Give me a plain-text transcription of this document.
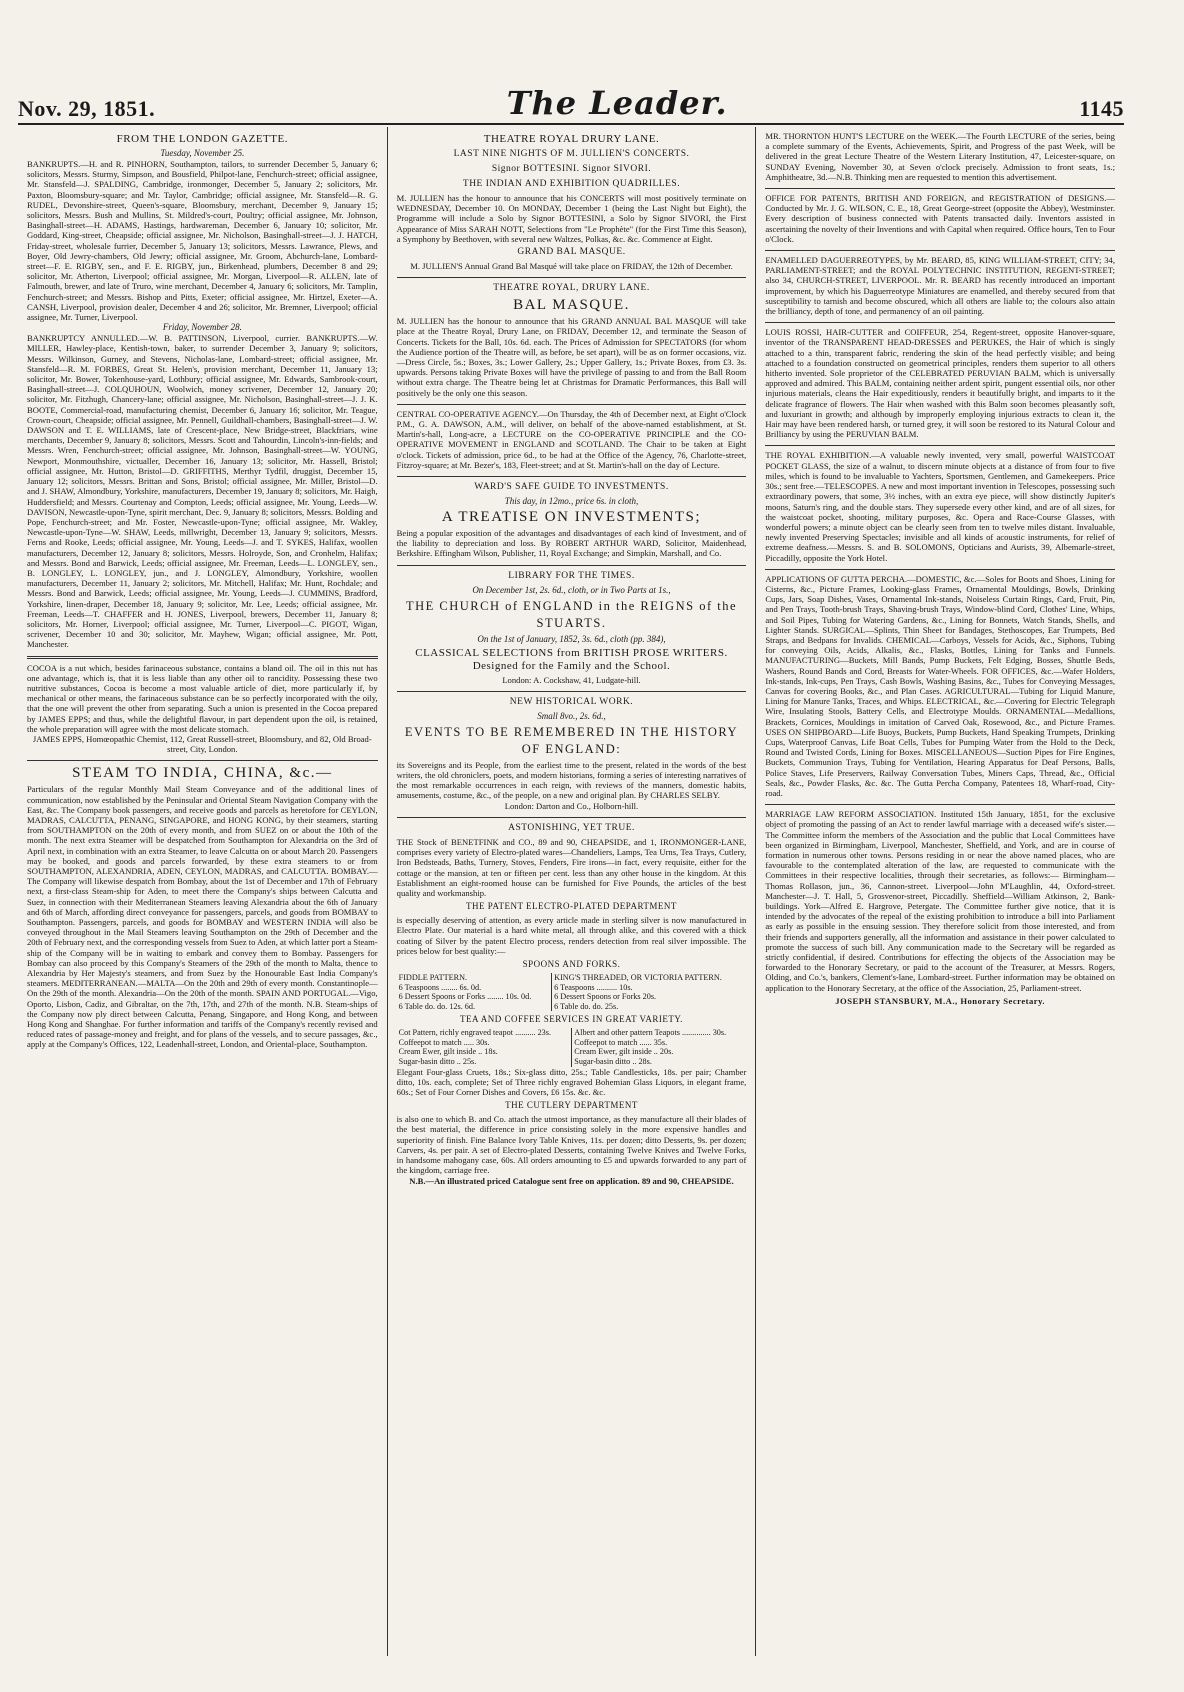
Nov. 29, 1851.	The Leader.	1145
FROM THE LONDON GAZETTE.
Tuesday, November 25.

BANKRUPTS.—H. and R. PINHORN, Southampton, tailors, to surrender December 5, January 6; solicitors, Messrs. Sturmy, Simpson, and Bousfield, Philpot-lane, Fenchurch-street; official assignee, Mr. Stansfeld—J. SPALDING, Cambridge, ironmonger, December 5, January 2; solicitors, Mr. Paxton, Bloomsbury-square; and Mr. Taylor, Cambridge; official assignee, Mr. Stansfeld—R. G. RUDEL, Devonshire-street, Queen's-square, Bloomsbury, merchant, December 9, January 15; solicitors, Messrs. Bush and Mullins, St. Mildred's-court, Poultry; official assignee, Mr. Johnson, Basinghall-street—H. ADAMS, Hastings, hardwareman, December 6, January 10; solicitor, Mr. Goddard, King-street, Cheapside; official assignee, Mr. Nicholson, Basinghall-street—J. J. HATCH, Friday-street, wholesale furrier, December 5, January 13; solicitors, Messrs. Lawrance, Plews, and Boyer, Old Jewry-chambers, Old Jewry; official assignee, Mr. Groom, Abchurch-lane, Lombard-street—F. E. RIGBY, sen., and F. E. RIGBY, jun., Birkenhead, plumbers, December 8 and 29; solicitor, Mr. Atherton, Liverpool; official assignee, Mr. Morgan, Liverpool—R. ALLEN, late of Falmouth, brewer, and late of Truro, wine merchant, December 4, January 6; solicitors, Mr. Tamplin, Fenchurch-street; and Messrs. Bishop and Pitts, Exeter; official assignee, Mr. Hirtzel, Exeter—A. CANSH, Liverpool, provision dealer, December 4 and 26; solicitor, Mr. Bremner, Liverpool; official assignee, Mr. Turner, Liverpool.

Friday, November 28.

BANKRUPTCY ANNULLED.—W. B. PATTINSON, Liverpool, currier. BANKRUPTS.—W. MILLER, Hawley-place, Kentish-town, baker, to surrender December 3, January 9; solicitors, Messrs. Wilkinson, Gurney, and Stevens, Nicholas-lane, Lombard-street; official assignee, Mr. Stansfeld—R. M. FORBES, Great St. Helen's, provision merchant, December 11, January 13; solicitor, Mr. Bower, Tokenhouse-yard, Lothbury; official assignee, Mr. Edwards, Sambrook-court, Basinghall-street—J. COLQUHOUN, Woolwich, money scrivener, December 12, January 20; solicitor, Mr. Fitzhugh, Chancery-lane; official assignee, Mr. Nicholson, Basinghall-street—J. J. K. BOOTE, Commercial-road, manufacturing chemist, December 6, January 16; solicitor, Mr. Teague, Crown-court, Cheapside; official assignee, Mr. Pennell, Guildhall-chambers, Basinghall-street—J. W. DAWSON and T. E. WILLIAMS, late of Crescent-place, New Bridge-street, Blackfriars, wine merchants, December 9, January 8; solicitors, Messrs. Scott and Tahourdin, Lincoln's-inn-fields; and Messrs. Wren, Fenchurch-street; official assignee, Mr. Johnson, Basinghall-street—W. YOUNG, Newport, Monmouthshire, victualler, December 16, January 13; solicitor, Mr. Hassell, Bristol; official assignee, Mr. Hutton, Bristol—D. GRIFFITHS, Merthyr Tydfil, druggist, December 15, January 12; solicitors, Messrs. Brittan and Sons, Bristol; official assignee, Mr. Miller, Bristol—D. and J. SHAW, Almondbury, Yorkshire, manufacturers, December 19, January 8; solicitors, Mr. Haigh, Huddersfield; and Messrs. Courtenay and Compton, Leeds; official assignee, Mr. Young, Leeds—W. DAVISON, Newcastle-upon-Tyne, spirit merchant, Dec. 9, January 8; solicitors, Messrs. Bolding and Pope, Fenchurch-street; and Mr. Foster, Newcastle-upon-Tyne; official assignee, Mr. Wakley, Newcastle-upon-Tyne—W. SHAW, Leeds, millwright, December 13, January 9; solicitors, Messrs. Ferns and Rooke, Leeds; official assignee, Mr. Young, Leeds—J. and T. SYKES, Halifax, woollen manufacturers, December 12, January 8; solicitors, Messrs. Holroyde, Son, and Cronhelm, Halifax; and Messrs. Bond and Barwick, Leeds; official assignee, Mr. Freeman, Leeds—L. LONGLEY, sen., B. LONGLEY, L. LONGLEY, jun., and J. LONGLEY, Almondbury, Yorkshire, woollen manufacturers, December 11, January 2; solicitors, Mr. Mitchell, Halifax; Mr. Hunt, Rochdale; and Messrs. Bond and Barwick, Leeds; official assignee, Mr. Young, Leeds—J. CUMMINS, Bradford, Yorkshire, linen-draper, December 18, January 9; solicitor, Mr. Lee, Leeds; official assignee, Mr. Freeman, Leeds—T. CHAFFER and H. JONES, Liverpool, brewers, December 11, January 8; solicitors, Mr. Horner, Liverpool; official assignee, Mr. Turner, Liverpool—C. PIGOT, Wigan, scrivener, December 10 and 30; solicitor, Mr. Mayhew, Wigan; official assignee, Mr. Pott, Manchester.

COCOA is a nut which, besides farinaceous substance, contains a bland oil. The oil in this nut has one advantage, which is, that it is less liable than any other oil to rancidity. Possessing these two nutritive substances, Cocoa is become a most valuable article of diet, more particularly if, by mechanical or other means, the farinaceous substance can be so perfectly incorporated with the oily, that the one will prevent the other from separating. Such a union is presented in the Cocoa prepared by JAMES EPPS; and thus, while the delightful flavour, in part dependent upon the oil, is retained, the whole preparation will agree with the most delicate stomach.

JAMES EPPS, Homœopathic Chemist, 112, Great Russell-street, Bloomsbury, and 82, Old Broad-street, City, London.

STEAM TO INDIA, CHINA, &c.—

Particulars of the regular Monthly Mail Steam Conveyance and of the additional lines of communication, now established by the Peninsular and Oriental Steam Navigation Company with the East, &c. The Company book passengers, and receive goods and parcels as heretofore for CEYLON, MADRAS, CALCUTTA, PENANG, SINGAPORE, and HONG KONG, by their steamers, starting from SOUTHAMPTON on the 20th of every month, and from SUEZ on or about the 10th of the month. The next extra Steamer will be despatched from Southampton for Alexandria on the 3rd of April next, in combination with an extra Steamer, to leave Calcutta on or about March 20. Passengers may be booked, and goods and parcels forwarded, by these extra steamers to or from SOUTHAMPTON, ALEXANDRIA, ADEN, CEYLON, MADRAS, and CALCUTTA. BOMBAY.—The Company will likewise despatch from Bombay, about the 1st of December and 17th of February next, a first-class Steam-ship for Aden, to meet there the Company's ships between Calcutta and Suez, in connection with their Mediterranean Steamers leaving Alexandria about the 6th of January and 6th of March, affording direct conveyance for passengers, parcels, and goods from BOMBAY to Southampton. Passengers, parcels, and goods for BOMBAY and WESTERN INDIA will also be conveyed throughout in the Mail Steamers leaving Southampton on the 29th of December and the 20th of February next, and the corresponding vessels from Suez to Aden, at which latter port a Steam-ship of the Company will be in waiting to embark and convey them to Bombay. Passengers for Bombay can also proceed by this Company's Steamers of the 29th of the month to Malta, thence to Alexandria by Her Majesty's steamers, and from Suez by the Honourable East India Company's steamers. MEDITERRANEAN.—MALTA—On the 20th and 29th of every month. Constantinople—On the 29th of the month. Alexandria—On the 20th of the month. SPAIN AND PORTUGAL.—Vigo, Oporto, Lisbon, Cadiz, and Gibraltar, on the 7th, 17th, and 27th of the month. N.B. Steam-ships of the Company now ply direct between Calcutta, Penang, Singapore, and Hong Kong, and between Hong Kong and Shanghae. For further information and tariffs of the Company's recently revised and reduced rates of passage-money and freight, and for plans of the vessels, and to secure passages, &c., apply at the Company's Offices, 122, Leadenhall-street, London, and Oriental-place, Southampton.

THEATRE ROYAL DRURY LANE.
LAST NINE NIGHTS OF M. JULLIEN'S CONCERTS.
Signor BOTTESINI. Signor SIVORI.
THE INDIAN AND EXHIBITION QUADRILLES.

M. JULLIEN has the honour to announce that his CONCERTS will most positively terminate on WEDNESDAY, December 10. On MONDAY, December 1 (being the Last Night but Eight), the Programme will include a Solo by Signor BOTTESINI, a Solo by Signor SIVORI, the First Appearance of Miss SARAH NOTT, Selections from "Le Prophète" (for the First Time this Season), a Symphony by Beethoven, with several new Waltzes, Polkas, &c. &c. Commence at Eight.

GRAND BAL MASQUE.

M. JULLIEN'S Annual Grand Bal Masqué will take place on FRIDAY, the 12th of December.

THEATRE ROYAL, DRURY LANE.
BAL MASQUE.

M. JULLIEN has the honour to announce that his GRAND ANNUAL BAL MASQUE will take place at the Theatre Royal, Drury Lane, on FRIDAY, December 12, and terminate the Season of Concerts. Tickets for the Ball, 10s. 6d. each. The Prices of Admission for SPECTATORS (for whom the Audience portion of the Theatre will, as before, be set apart), will be as on former occasions, viz.—Dress Circle, 5s.; Boxes, 3s.; Lower Gallery, 2s.; Upper Gallery, 1s.; Private Boxes, from £3. 3s. upwards. Persons taking Private Boxes will have the privilege of passing to and from the Ball Room without extra charge. The Theatre being let at Christmas for Dramatic Performances, this Ball will positively be the only one this season.

CENTRAL CO-OPERATIVE AGENCY.—On Thursday, the 4th of December next, at Eight o'Clock P.M., G. A. DAWSON, A.M., will deliver, on behalf of the above-named establishment, at St. Martin's-hall, Long-acre, a LECTURE on the CO-OPERATIVE PRINCIPLE and the CO-OPERATIVE MOVEMENT in ENGLAND and SCOTLAND. The Chair to be taken at Eight o'clock. Tickets of admission, price 6d., to be had at the Office of the Agency, 76, Charlotte-street, Fitzroy-square; at Mr. Bezer's, 183, Fleet-street; and at St. Martin's-hall on the day of Lecture.

WARD'S SAFE GUIDE TO INVESTMENTS.
This day, in 12mo., price 6s. in cloth,
A TREATISE ON INVESTMENTS;

Being a popular exposition of the advantages and disadvantages of each kind of Investment, and of the liability to depreciation and loss. By ROBERT ARTHUR WARD, Solicitor, Maidenhead, Berkshire. Effingham Wilson, Publisher, 11, Royal Exchange; and Simpkin, Marshall, and Co.

LIBRARY FOR THE TIMES.
On December 1st, 2s. 6d., cloth, or in Two Parts at 1s.,
THE CHURCH of ENGLAND in the REIGNS of the STUARTS.
On the 1st of January, 1852, 3s. 6d., cloth (pp. 384),
CLASSICAL SELECTIONS from BRITISH PROSE WRITERS. Designed for the Family and the School.

London: A. Cockshaw, 41, Ludgate-hill.

NEW HISTORICAL WORK.
Small 8vo., 2s. 6d.,
EVENTS TO BE REMEMBERED IN THE HISTORY OF ENGLAND:

its Sovereigns and its People, from the earliest time to the present, related in the words of the best writers, the old chroniclers, poets, and modern historians, forming a series of interesting narratives of the most remarkable occurrences in each reign, with reviews of the manners, domestic habits, amusements, costume, &c., of the people, on a new and original plan. By CHARLES SELBY.

London: Darton and Co., Holborn-hill.

ASTONISHING, YET TRUE.

THE Stock of BENETFINK and CO., 89 and 90, CHEAPSIDE, and 1, IRONMONGER-LANE, comprises every variety of Electro-plated wares—Chandeliers, Lamps, Tea Urns, Tea Trays, Cutlery, Iron Bedsteads, Baths, Turnery, Stoves, Fenders, Fire irons—in fact, every requisite, either for the cottage or the mansion, at ten or fifteen per cent. less than any other house in the kingdom. At this Establishment an eight-roomed house can be furnished for Five Pounds, the articles of the best quality and workmanship.

THE PATENT ELECTRO-PLATED DEPARTMENT

is especially deserving of attention, as every article made in sterling silver is now manufactured in Electro Plate. Our material is a hard white metal, all through alike, and this covered with a thick coating of Silver by the patent Electro process, renders detection from real silver impossible. The prices below for best quality:—

SPOONS AND FORKS.
FIDDLE PATTERN.	KING'S THREADED, OR VICTORIA PATTERN.
6 Teaspoons ........ 6s. 0d.	6 Teaspoons .......... 10s.
6 Dessert Spoons or Forks ........ 10s. 0d.	6 Dessert Spoons or Forks 20s.
6 Table do. do. 12s. 6d.	6 Table do. do. 25s.
TEA AND COFFEE SERVICES IN GREAT VARIETY.
Cot Pattern, richly engraved teapot .......... 23s.	Albert and other pattern Teapots .............. 30s.
Coffeepot to match ..... 30s.	Coffeepot to match ...... 35s.
Cream Ewer, gilt inside .. 18s.	Cream Ewer, gilt inside .. 20s.
Sugar-basin ditto .. 25s.	Sugar-basin ditto .. 28s.

Elegant Four-glass Cruets, 18s.; Six-glass ditto, 25s.; Table Candlesticks, 18s. per pair; Chamber ditto, 10s. each, complete; Set of Three richly engraved Bohemian Glass Liquors, in elegant frame, 60s.; Set of Four Corner Dishes and Covers, £6 15s. &c. &c.

THE CUTLERY DEPARTMENT

is also one to which B. and Co. attach the utmost importance, as they manufacture all their blades of the best material, the difference in price consisting solely in the more expensive handles and superiority of finish. Fine Balance Ivory Table Knives, 11s. per dozen; ditto Desserts, 9s. per dozen; Carvers, 4s. per pair. A set of Electro-plated Desserts, containing Twelve Knives and Twelve Forks, in handsome mahogany case, 60s. All orders amounting to £5 and upwards forwarded to any part of the kingdom, carriage free.

N.B.—An illustrated priced Catalogue sent free on application. 89 and 90, CHEAPSIDE.

MR. THORNTON HUNT'S LECTURE on the WEEK.—The Fourth LECTURE of the series, being a complete summary of the Events, Achievements, Spirit, and Progress of the past Week, will be delivered in the great Lecture Theatre of the Western Literary Institution, 47, Leicester-square, on SUNDAY Evening, November 30, at Seven o'clock precisely. Admission to front seats, 1s.; Amphitheatre, 3d.—N.B. Thinking men are requested to mention this advertisement.

OFFICE FOR PATENTS, BRITISH AND FOREIGN, and REGISTRATION of DESIGNS.—Conducted by Mr. J. G. WILSON, C. E., 18, Great George-street (opposite the Abbey), Westminster. Every description of business connected with Patents transacted daily. Inventors assisted in ascertaining the novelty of their Inventions and with Capital when required. Office hours, Ten to Four o'Clock.

ENAMELLED DAGUERREOTYPES, by Mr. BEARD, 85, KING WILLIAM-STREET, CITY; 34, PARLIAMENT-STREET; and the ROYAL POLYTECHNIC INSTITUTION, REGENT-STREET; also 34, CHURCH-STREET, LIVERPOOL. Mr. R. BEARD has recently introduced an important improvement, by which his Daguerreotype Miniatures are enamelled, and thereby secured from that susceptibility to tarnish and become obscured, which all others are liable to; the colours also attain the brilliancy, depth of tone, and permanency of an oil painting.

LOUIS ROSSI, HAIR-CUTTER and COIFFEUR, 254, Regent-street, opposite Hanover-square, inventor of the TRANSPARENT HEAD-DRESSES and PERUKES, the Hair of which is singly attached to a thin, transparent fabric, rendering the skin of the head perfectly visible; and being attached to a foundation constructed on geometrical principles, renders them superior to all others hitherto invented. Sole proprietor of the CELEBRATED PERUVIAN BALM, which is universally approved and admired. This BALM, containing neither ardent spirit, pungent essential oils, nor other injurious materials, cleans the Hair expeditiously, renders it beautifully bright, and imparts to it the delicate fragrance of flowers. The Hair when washed with this Balm soon becomes pleasantly soft, and luxuriant in growth; and although by improperly employing injurious extracts to clean it, the Hair may have been rendered harsh, or turned grey, it will soon be restored to its Natural Colour and Brilliancy by using the PERUVIAN BALM.

THE ROYAL EXHIBITION.—A valuable newly invented, very small, powerful WAISTCOAT POCKET GLASS, the size of a walnut, to discern minute objects at a distance of from four to five miles, which is found to be invaluable to Yachters, Sportsmen, Gentlemen, and Gamekeepers. Price 30s.; sent free.—TELESCOPES. A new and most important invention in Telescopes, possessing such extraordinary powers, that some, 3½ inches, with an extra eye piece, will show distinctly Jupiter's moons, Saturn's ring, and the double stars. They supersede every other kind, and are of all sizes, for the waistcoat pocket, shooting, military purposes, &c. Opera and Race-Course Glasses, with wonderful powers; a minute object can be clearly seen from ten to twelve miles distant. Invaluable, newly invented Preserving Spectacles; invisible and all kinds of acoustic instruments, for relief of extreme deafness.—Messrs. S. and B. SOLOMONS, Opticians and Aurists, 39, Albemarle-street, Piccadilly, opposite the York Hotel.

APPLICATIONS OF GUTTA PERCHA.—DOMESTIC, &c.—Soles for Boots and Shoes, Lining for Cisterns, &c., Picture Frames, Looking-glass Frames, Ornamental Mouldings, Bowls, Drinking Cups, Jars, Soap Dishes, Vases, Ornamental Ink-stands, Noiseless Curtain Rings, Card, Fruit, Pin, and Pen Trays, Tooth-brush Trays, Shaving-brush Trays, Window-blind Cord, Clothes' Line, Whips, and Soil Pipes, Tubing for Watering Gardens, &c., Lining for Bonnets, Watch Stands, Shells, and Lighter Stands. SURGICAL—Splints, Thin Sheet for Bandages, Stethoscopes, Ear Trumpets, Bed Straps, and Bedpans for Invalids. CHEMICAL—Carboys, Vessels for Acids, &c., Siphons, Tubing for conveying Oils, Acids, Alkalis, &c., Flasks, Bottles, Lining for Tanks and Funnels. MANUFACTURING—Buckets, Mill Bands, Pump Buckets, Felt Edging, Bosses, Shuttle Beds, Washers, Round Bands and Cord, Breasts for Water-Wheels. FOR OFFICES, &c.—Wafer Holders, Ink-stands, Ink-cups, Pen Trays, Cash Bowls, Washing Basins, &c., Tubes for Conveying Messages, Canvas for covering Books, &c., and Plan Cases. AGRICULTURAL—Tubing for Liquid Manure, Lining for Manure Tanks, Traces, and Whips. ELECTRICAL, &c.—Covering for Electric Telegraph Wire, Insulating Stools, Battery Cells, and Electrotype Moulds. ORNAMENTAL—Medallions, Brackets, Cornices, Mouldings in imitation of Carved Oak, Rosewood, &c., and Picture Frames. USES ON SHIPBOARD—Life Buoys, Buckets, Pump Buckets, Hand Speaking Trumpets, Drinking Cups, Waterproof Canvas, Life Boat Cells, Tubes for Pumping Water from the Hold to the Deck, Round and Twisted Cords, Lining for Boxes. MISCELLANEOUS—Suction Pipes for Fire Engines, Buckets, Communion Trays, Tubing for Ventilation, Hearing Apparatus for Deaf Persons, Balls, Police Staves, Life Preservers, Railway Conversation Tubes, Miners Caps, Thread, &c., Official Seals, &c., Powder Flasks, &c. &c. The Gutta Percha Company, Patentees 18, Wharf-road, City-road.

MARRIAGE LAW REFORM ASSOCIATION. Instituted 15th January, 1851, for the exclusive object of promoting the passing of an Act to render lawful marriage with a deceased wife's sister.—The Committee inform the members of the Association and the public that Local Committees have been organized in Birmingham, Liverpool, Manchester, Sheffield, and York, and are in course of formation in numerous other towns. Persons residing in or near the above named places, who are favourable to the contemplated alteration of the law, are requested to communicate with the Committees in their respective localities, through their secretaries, as follows:— Birmingham—Thomas Rollason, jun., 36, Cannon-street. Liverpool—John M'Laughlin, 44, Oxford-street. Manchester—J. T. Hall, 5, Grosvenor-street, Piccadilly. Sheffield—William Atkinson, 2, Bank-buildings. York—Alfred E. Hargrove, Petergate. The Committee further give notice, that it is intended by the advocates of the repeal of the existing prohibition to introduce a bill into Parliament as early as possible in the ensuing session. They therefore solicit from those interested, and from their friends and supporters generally, all the information and assistance in their power calculated to promote the success of such bill. Any communication made to the Secretary will be regarded as strictly confidential, if desired. Contributions for effecting the objects of the Association may be forwarded to the Honorary Secretary, or paid to the account of the Treasurer, at Messrs. Rogers, Olding, and Co.'s, bankers, Clement's-lane, Lombard-street. Further information may be obtained on application to the Honorary Secretary, at the office of the Association, 25, Parliament-street.

JOSEPH STANSBURY, M.A., Honorary Secretary.
